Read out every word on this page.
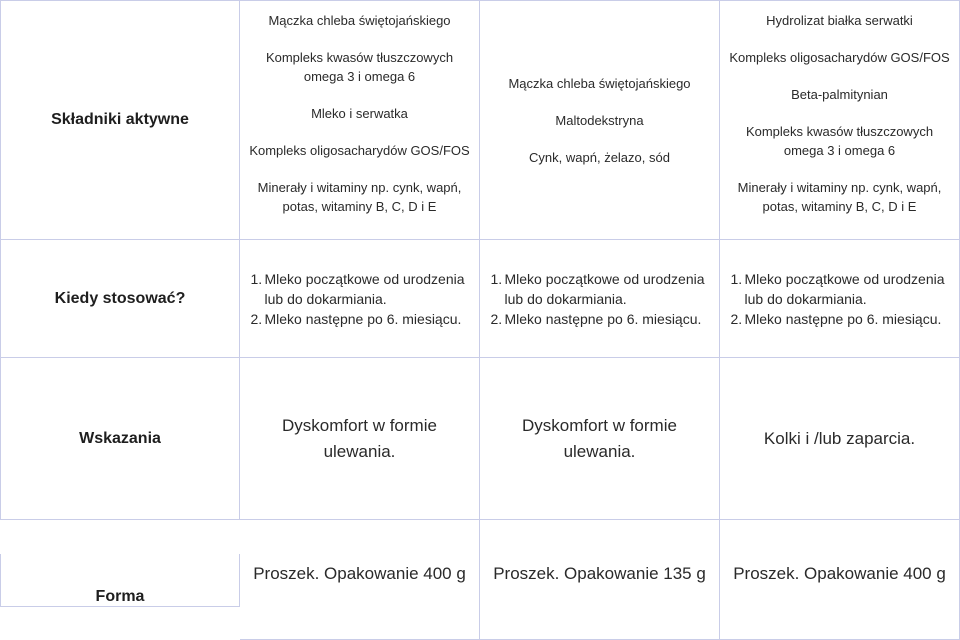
Składniki aktywne
Mączka chleba świętojańskiego
Kompleks kwasów tłuszczowych omega 3 i omega 6
Mleko i serwatka
Kompleks oligosacharydów GOS/FOS
Minerały i witaminy np. cynk, wapń, potas, witaminy B, C, D i E
Mączka chleba świętojańskiego
Maltodekstryna
Cynk, wapń, żelazo, sód
Hydrolizat białka serwatki
Kompleks oligosacharydów GOS/FOS
Beta-palmitynian
Kompleks kwasów tłuszczowych omega 3 i omega 6
Minerały i witaminy np. cynk, wapń, potas, witaminy B, C, D i E
Kiedy stosować?
1. Mleko początkowe od urodzenia lub do dokarmiania.
2. Mleko następne po 6. miesiącu.
1. Mleko początkowe od urodzenia lub do dokarmiania.
2. Mleko następne po 6. miesiącu.
1. Mleko początkowe od urodzenia lub do dokarmiania.
2. Mleko następne po 6. miesiącu.
Wskazania
Dyskomfort w formie ulewania.
Dyskomfort w formie ulewania.
Kolki i /lub zaparcia.
Forma
Proszek. Opakowanie 400 g Proszek. Opakowanie 135 g Proszek. Opakowanie 400 g
